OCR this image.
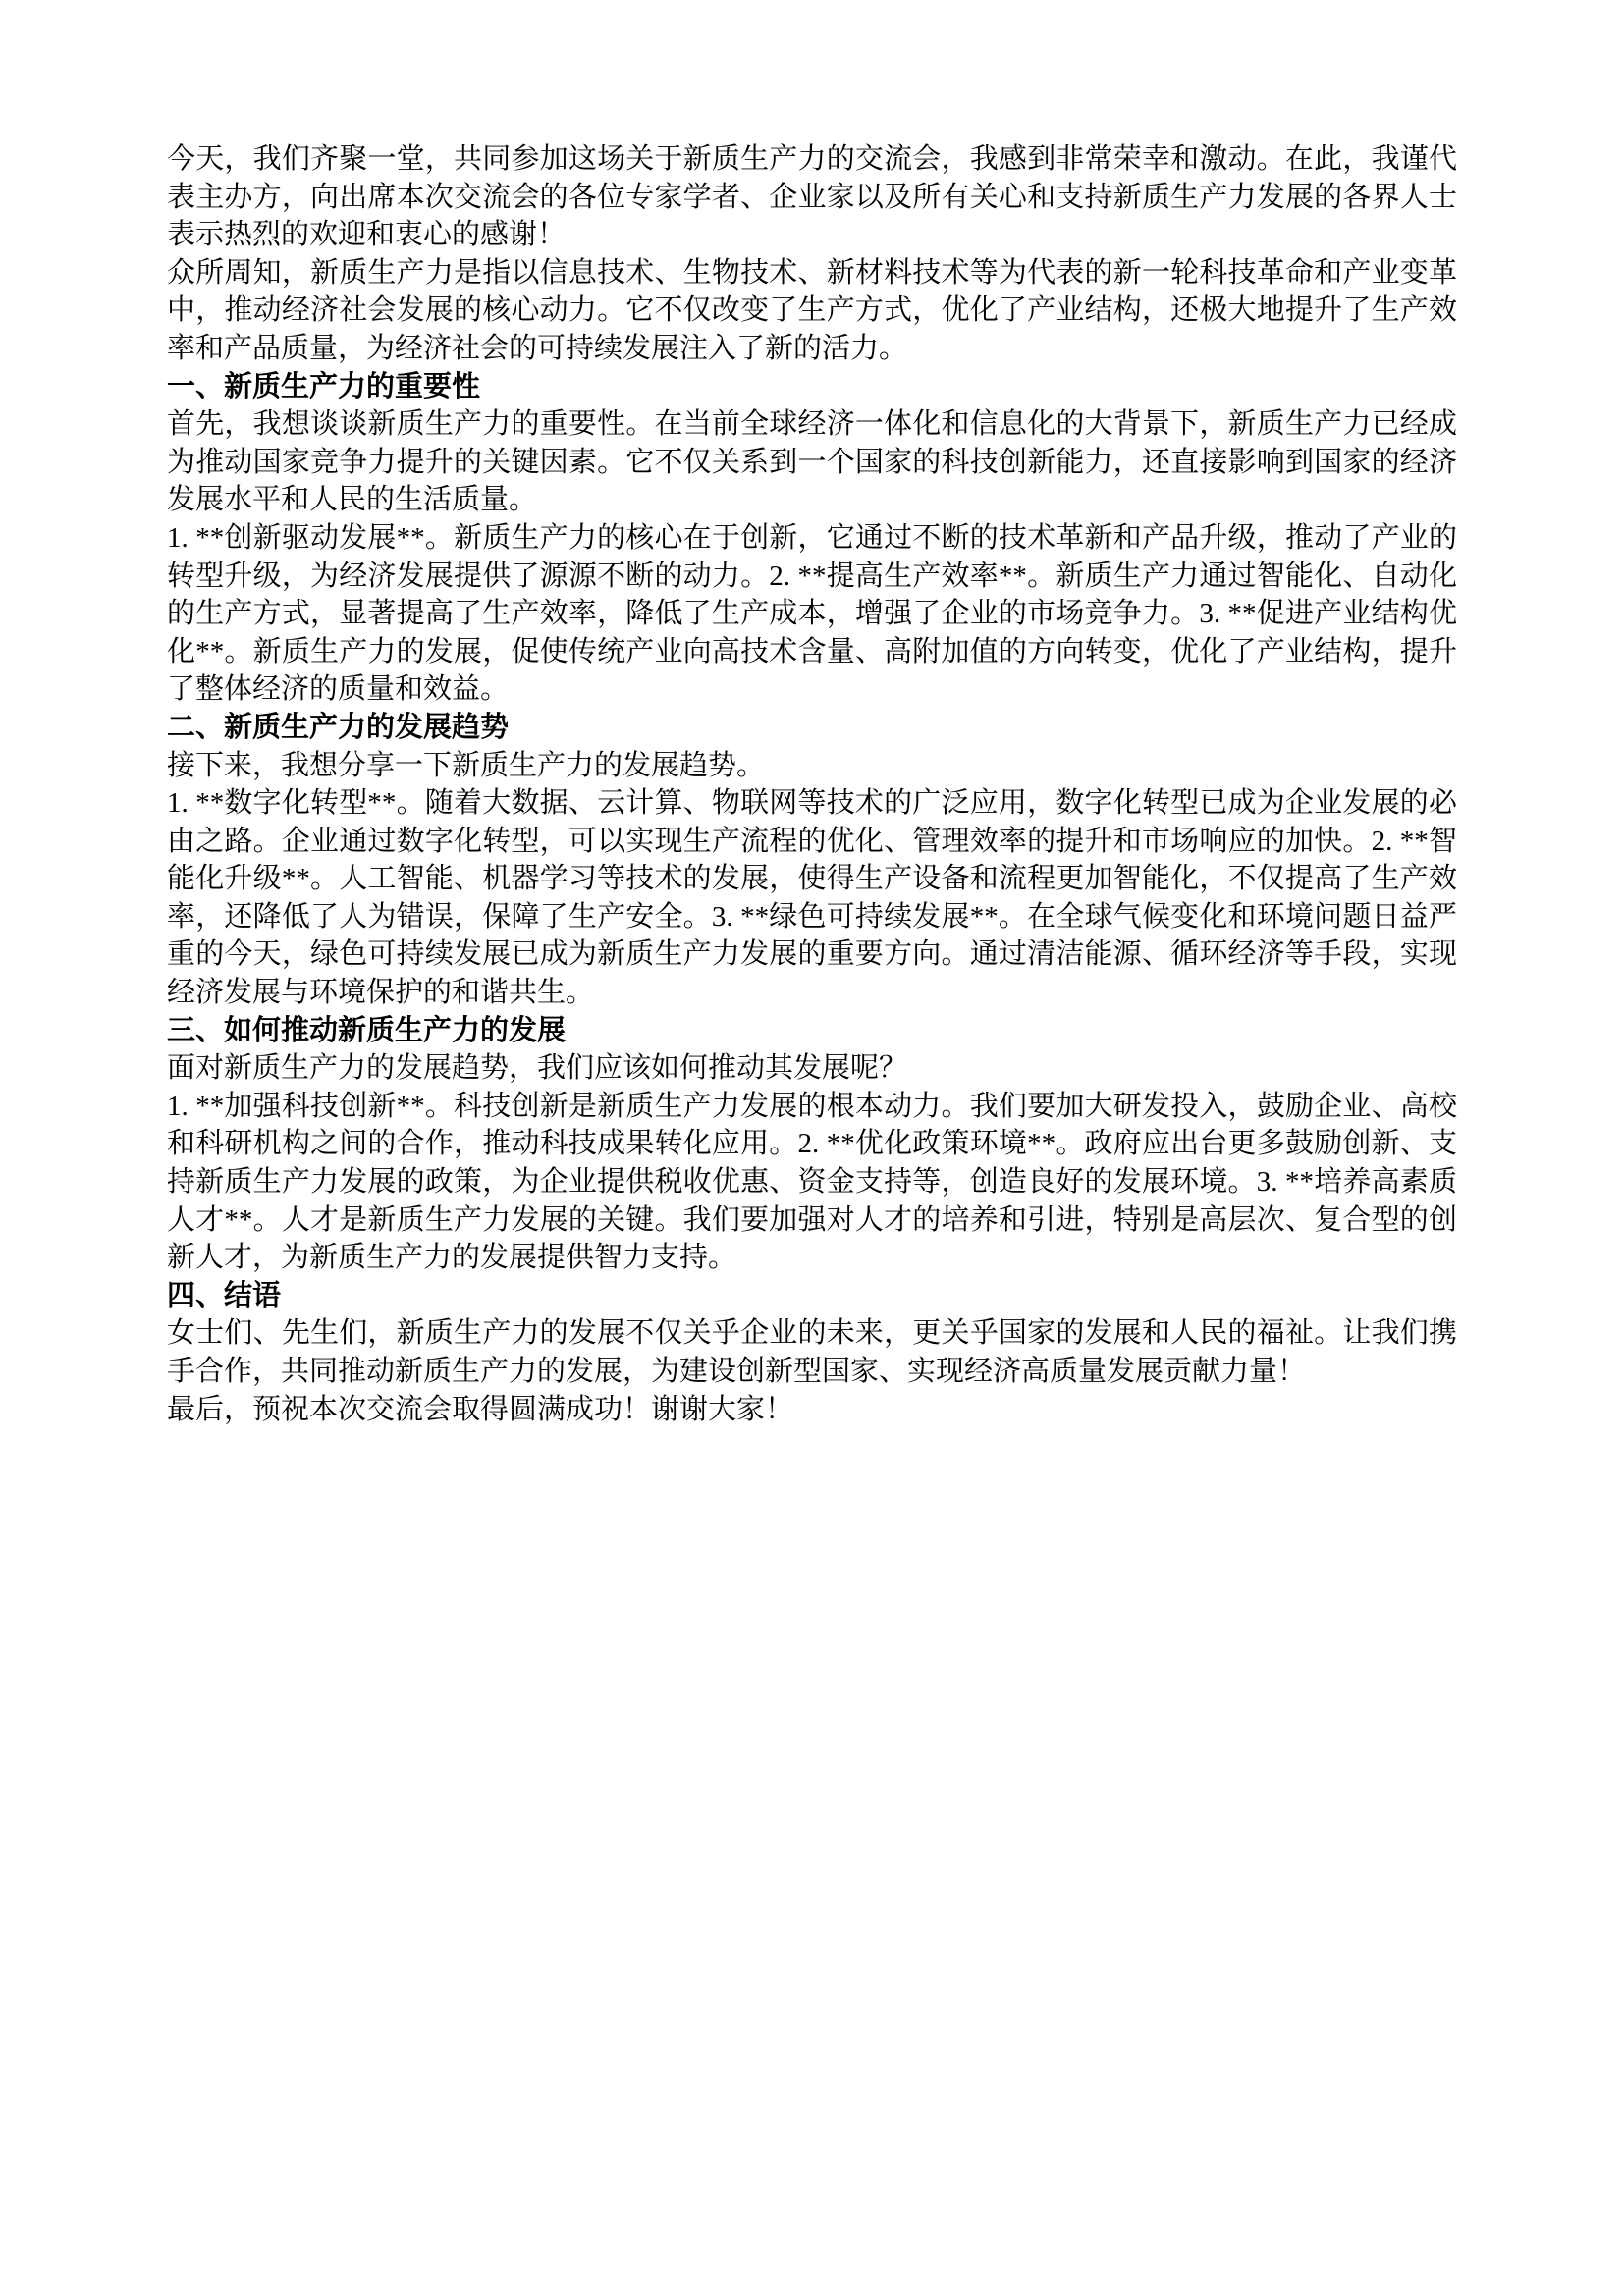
今天，我们齐聚一堂，共同参加这场关于新质生产力的交流会，我感到非常荣幸和激动。在此，我谨代表主办方，向出席本次交流会的各位专家学者、企业家以及所有关心和支持新质生产力发展的各界人士表示热烈的欢迎和衷心的感谢！

众所周知，新质生产力是指以信息技术、生物技术、新材料技术等为代表的新一轮科技革命和产业变革中，推动经济社会发展的核心动力。它不仅改变了生产方式，优化了产业结构，还极大地提升了生产效率和产品质量，为经济社会的可持续发展注入了新的活力。

一、新质生产力的重要性

首先，我想谈谈新质生产力的重要性。在当前全球经济一体化和信息化的大背景下，新质生产力已经成为推动国家竞争力提升的关键因素。它不仅关系到一个国家的科技创新能力，还直接影响到国家的经济发展水平和人民的生活质量。

1. **创新驱动发展**。新质生产力的核心在于创新，它通过不断的技术革新和产品升级，推动了产业的转型升级，为经济发展提供了源源不断的动力。2. **提高生产效率**。新质生产力通过智能化、自动化的生产方式，显著提高了生产效率，降低了生产成本，增强了企业的市场竞争力。3. **促进产业结构优化**。新质生产力的发展，促使传统产业向高技术含量、高附加值的方向转变，优化了产业结构，提升了整体经济的质量和效益。

二、新质生产力的发展趋势

接下来，我想分享一下新质生产力的发展趋势。

1. **数字化转型**。随着大数据、云计算、物联网等技术的广泛应用，数字化转型已成为企业发展的必由之路。企业通过数字化转型，可以实现生产流程的优化、管理效率的提升和市场响应的加快。2. **智能化升级**。人工智能、机器学习等技术的发展，使得生产设备和流程更加智能化，不仅提高了生产效率，还降低了人为错误，保障了生产安全。3. **绿色可持续发展**。在全球气候变化和环境问题日益严重的今天，绿色可持续发展已成为新质生产力发展的重要方向。通过清洁能源、循环经济等手段，实现经济发展与环境保护的和谐共生。

三、如何推动新质生产力的发展

面对新质生产力的发展趋势，我们应该如何推动其发展呢？

1. **加强科技创新**。科技创新是新质生产力发展的根本动力。我们要加大研发投入，鼓励企业、高校和科研机构之间的合作，推动科技成果转化应用。2. **优化政策环境**。政府应出台更多鼓励创新、支持新质生产力发展的政策，为企业提供税收优惠、资金支持等，创造良好的发展环境。3. **培养高素质人才**。人才是新质生产力发展的关键。我们要加强对人才的培养和引进，特别是高层次、复合型的创新人才，为新质生产力的发展提供智力支持。

四、结语

女士们、先生们，新质生产力的发展不仅关乎企业的未来，更关乎国家的发展和人民的福祉。让我们携手合作，共同推动新质生产力的发展，为建设创新型国家、实现经济高质量发展贡献力量！

最后，预祝本次交流会取得圆满成功！谢谢大家！
